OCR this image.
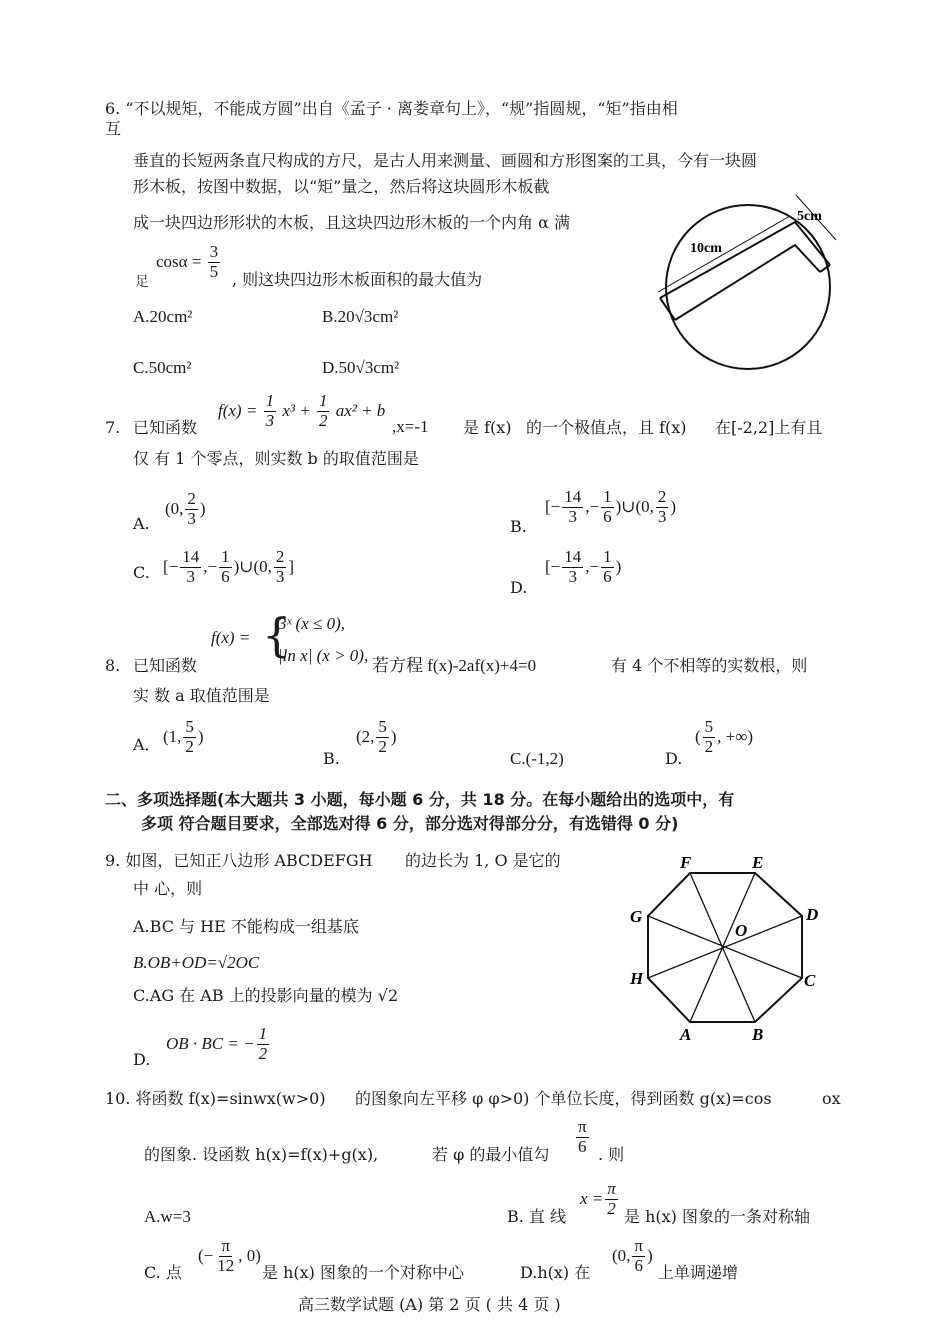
6. “不以规矩，不能成方圆”出自《孟子 · 离娄章句上》，“规”指圆规，“矩”指由相
互
垂直的长短两条直尺构成的方尺，是古人用来测量、画圆和方形图案的工具，今有一块圆
形木板，按图中数据，以“矩”量之，然后将这块圆形木板截
成一块四边形形状的木板，且这块四边形木板的一个内角 α 满
足
$\cos\alpha = \frac{3}{5}$ , 则这块四边形木板面积的最大值为
A.20cm²	B.20√3cm²
C.50cm²	D.50√3cm²
10cm
5cm
7. 已知函数
$f(x) = \frac{1}{3} x^3 + \frac{1}{2} ax^2 + b$
,x=-1 是 f(x) 的一个极值点，且 f(x) 在[-2,2]上有且
仅 有 1 个零点，则实数 b 的取值范围是
A.
(0, $\frac{2}{3}$ )
B.
[− $\frac{14}{3}$ ,− $\frac{1}{6}$ )∪(0, $\frac{2}{3}$ )
C. [− $\frac{14}{3}$ ,− $\frac{1}{6}$ )∪(0, $\frac{2}{3}$ ]
D.
[− $\frac{14}{3}$ ,− $\frac{1}{6}$ )
8. 已知函数
f(x) = {
3ˣ (x ≤ 0),
|ln x| (x > 0),
若方程 f(x)-2af(x)+4=0	有 4 个不相等的实数根，则
实 数 a 取值范围是
A． (1, $\frac{5}{2}$ )
B.
(2, $\frac{5}{2}$ )
C.(-1,2)	D.
( $\frac{5}{2}$ , +∞)
二、多项选择题(本大题共 3 小题，每小题 6 分，共 18 分。在每小题给出的选项中，有
多项 符合题目要求，全部选对得 6 分，部分选对得部分分，有选错得 0 分)
9. 如图，已知正八边形 ABCDEFGH 的边长为 1, O 是它的
中 心，则
A.BC 与 HE 不能构成一组基底
B.OB+OD=√2OC
C.AG 在 AB 上的投影向量的模为 √2
D.
OB · BC = − $\frac{1}{2}$
F	E
D
C
B
A
H
G
O
10. 将函数 f(x)=sinwx(w>0) 的图象向左平移 φ φ>0) 个单位长度，得到函数 g(x)=cos	ox
的图象. 设函数 h(x)=f(x)+g(x),	若 φ 的最小值勾 $\frac{\pi}{6}$ . 则
A.w=3	B. 直 线
$x = \frac{\pi}{2}$ 是 h(x) 图象的一条对称轴
C. 点
(− $\frac{\pi}{12}$ , 0)
是 h(x) 图象的一个对称中心	D.h(x) 在
(0, $\frac{\pi}{6}$ )
上单调递增
高三数学试题 (A) 第 2 页 ( 共 4 页 )
